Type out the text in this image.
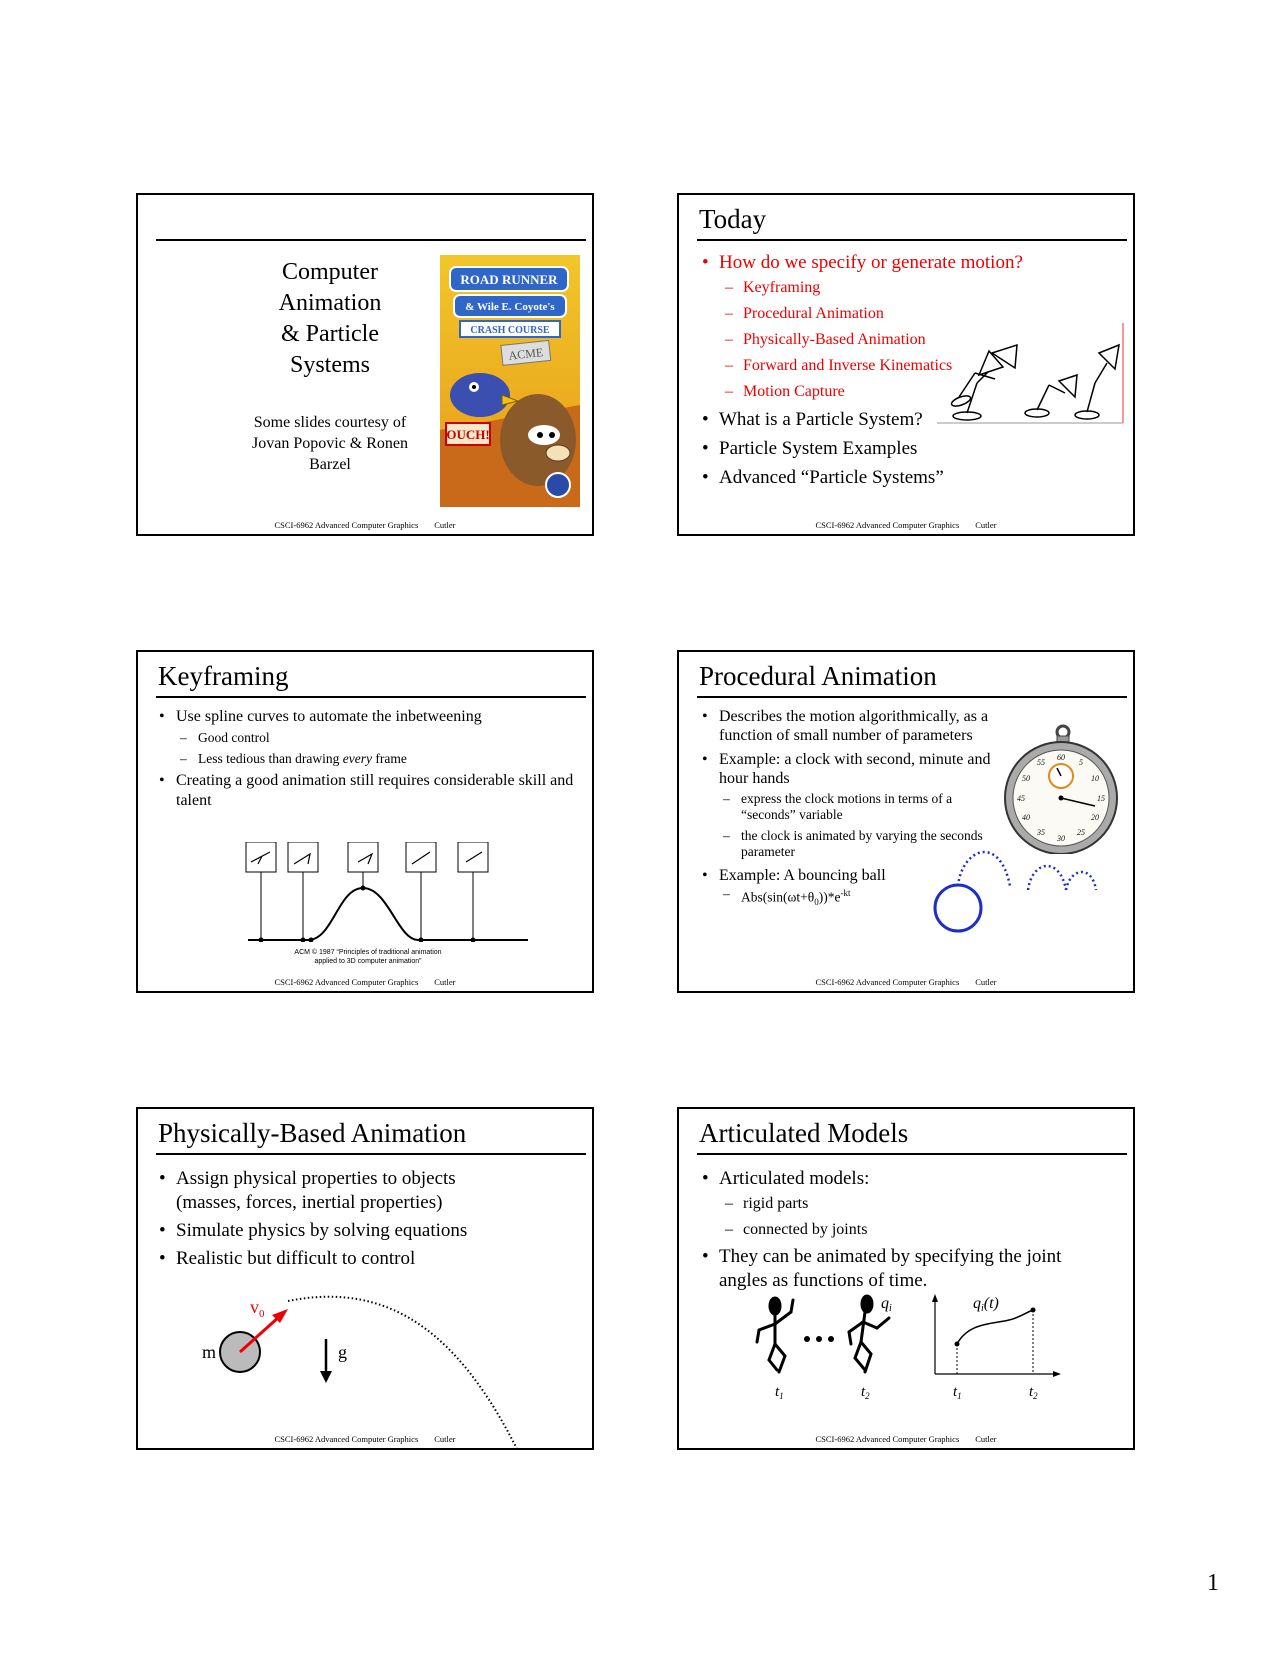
Computer
Animation
& Particle
Systems
Some slides courtesy of
Jovan Popovic & Ronen
Barzel
ROAD RUNNER
& Wile E. Coyote's
CRASH COURSE
ACME
OUCH!
CSCI-6962 Advanced Computer Graphics Cutler
Today
• How do we specify or generate motion?
– Keyframing
– Procedural Animation
– Physically-Based Animation
– Forward and Inverse Kinematics
– Motion Capture
• What is a Particle System?
• Particle System Examples
• Advanced “Particle Systems”
CSCI-6962 Advanced Computer Graphics Cutler
Keyframing
• Use spline curves to automate the inbetweening
– Good control
– Less tedious than drawing every frame
• Creating a good animation still requires considerable skill and talent
ACM © 1987 “Principles of traditional animation
applied to 3D computer animation”
CSCI-6962 Advanced Computer Graphics Cutler
Procedural Animation
• Describes the motion algorithmically, as a function of small number of parameters
• Example: a clock with second, minute and hour hands
– express the clock motions in terms of a “seconds” variable
– the clock is animated by varying the seconds parameter
• Example: A bouncing ball
– $Abs(\sin(\omega t+\theta_0))*e^{-kt}$
60
5
10
15
20
25
30
35
40
45
50
55
CSCI-6962 Advanced Computer Graphics Cutler
Physically-Based Animation
• Assign physical properties to objects (masses, forces, inertial properties)
• Simulate physics by solving equations
• Realistic but difficult to control
$v_0$
m	g
CSCI-6962 Advanced Computer Graphics Cutler
Articulated Models
• Articulated models:
– rigid parts
– connected by joints
• They can be animated by specifying the joint angles as functions of time.
qi	qi(t)
$t_1$	$t_2$	$t_1$	$t_2$
CSCI-6962 Advanced Computer Graphics Cutler
1
